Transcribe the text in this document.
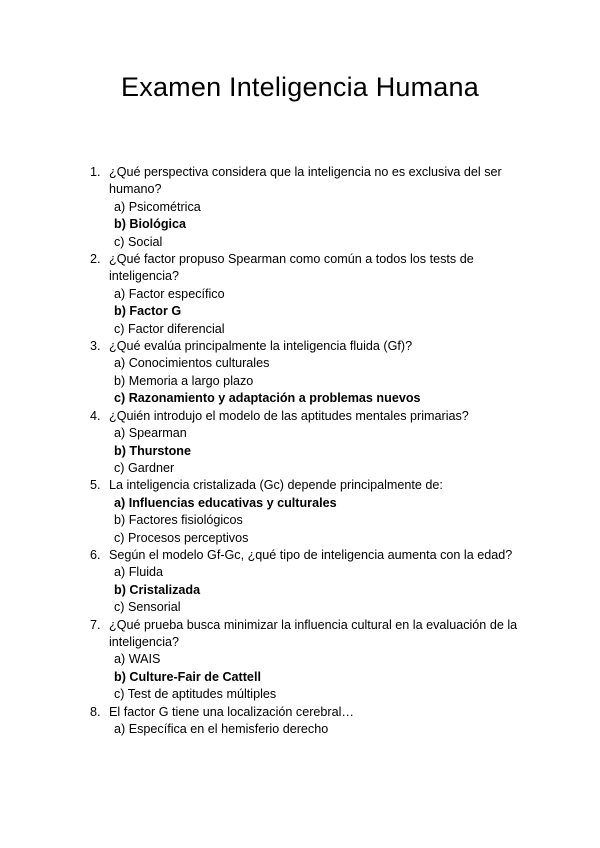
Examen Inteligencia Humana
1. ¿Qué perspectiva considera que la inteligencia no es exclusiva del ser humano?
a) Psicométrica
b) Biológica
c) Social
2. ¿Qué factor propuso Spearman como común a todos los tests de inteligencia?
a) Factor específico
b) Factor G
c) Factor diferencial
3. ¿Qué evalúa principalmente la inteligencia fluida (Gf)?
a) Conocimientos culturales
b) Memoria a largo plazo
c) Razonamiento y adaptación a problemas nuevos
4. ¿Quién introdujo el modelo de las aptitudes mentales primarias?
a) Spearman
b) Thurstone
c) Gardner
5. La inteligencia cristalizada (Gc) depende principalmente de:
a) Influencias educativas y culturales
b) Factores fisiológicos
c) Procesos perceptivos
6. Según el modelo Gf-Gc, ¿qué tipo de inteligencia aumenta con la edad?
a) Fluida
b) Cristalizada
c) Sensorial
7. ¿Qué prueba busca minimizar la influencia cultural en la evaluación de la inteligencia?
a) WAIS
b) Culture-Fair de Cattell
c) Test de aptitudes múltiples
8. El factor G tiene una localización cerebral…
a) Específica en el hemisferio derecho
